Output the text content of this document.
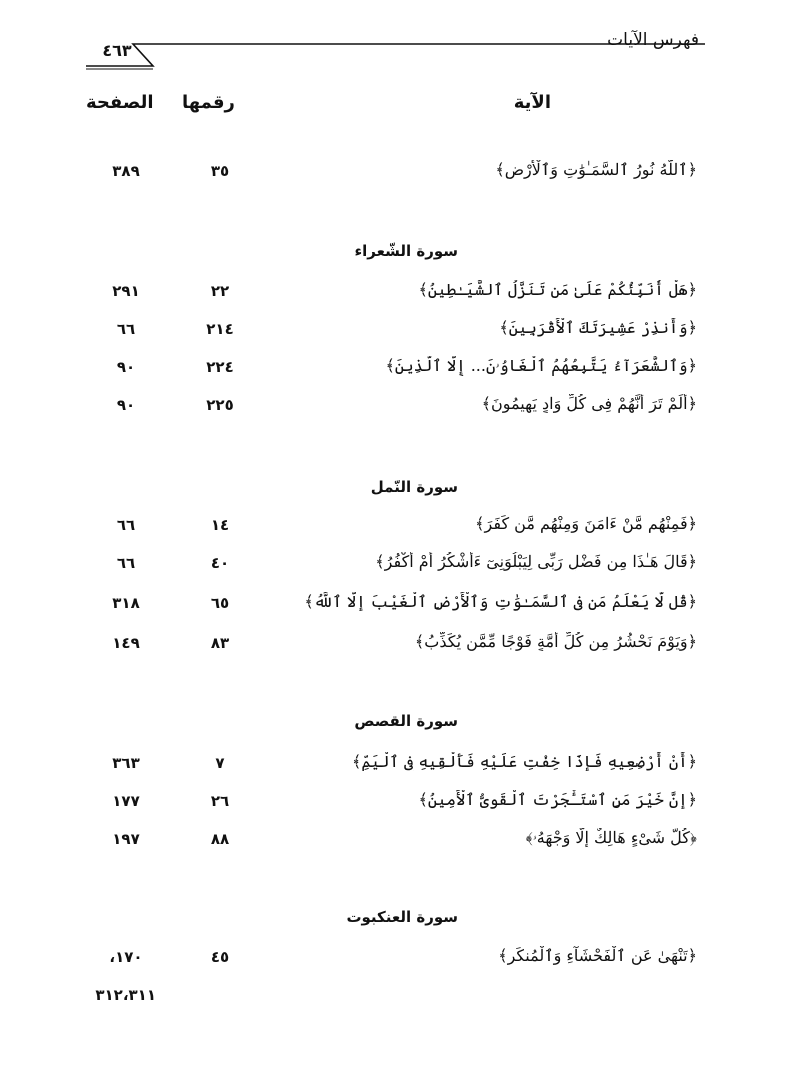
فهرس الآيات
٤٦٣
الآية
رقمها
الصفحة
﴿ٱللَّهُ نُورُ ٱلسَّمَـٰوَٰتِ وَٱلْأَرْضِ﴾
٣٥
٣٨٩
سورة الشّعراء
﴿هَلْ أُنَبِّئُكُمْ عَلَىٰ مَن تَنَزَّلُ ٱلشَّيَـٰطِينُ﴾
٢٢
٢٩١
﴿وَأَنذِرْ عَشِيرَتَكَ ٱلْأَقْرَبِينَ﴾
٢١٤
٦٦
﴿وَٱلشُّعَرَآءُ يَتَّبِعُهُمُ ٱلْغَاوُۥنَ... إِلَّا ٱلَّذِينَ﴾
٢٢٤
٩٠
﴿أَلَمْ تَرَ أَنَّهُمْ فِى كُلِّ وَادٍ يَهِيمُونَ﴾
٢٢٥
٩٠
سورة النّمل
﴿فَمِنْهُم مَّنْ ءَامَنَ وَمِنْهُم مَّن كَفَرَ﴾
١٤
٦٦
﴿قَالَ هَـٰذَا مِن فَضْلِ رَبِّى لِيَبْلُوَنِىٓ ءَأَشْكُرُ أَمْ أَكْفُرُ﴾
٤٠
٦٦
﴿قُل لَّا يَعْلَمُ مَن فِى ٱلسَّمَـٰوَٰتِ وَٱلْأَرْضِ ٱلْغَيْبَ إِلَّا ٱللَّهُ﴾
٦٥
٣١٨
﴿وَيَوْمَ نَحْشُرُ مِن كُلِّ أُمَّةٍ فَوْجًا مِّمَّن يُكَذِّبُ﴾
٨٣
١٤٩
سورة القصص
﴿أَنْ أَرْضِعِيهِ فَإِذَا خِفْتِ عَلَيْهِ فَأَلْقِيهِ فِى ٱلْيَمِّ﴾
٧
٣٦٣
﴿إِنَّ خَيْرَ مَنِ ٱسْتَـْٔجَرْتَ ٱلْقَوِىُّ ٱلْأَمِينُ﴾
٢٦
١٧٧
﴿كُلُّ شَىْءٍ هَالِكٌ إِلَّا وَجْهَهُۥ﴾
٨٨
١٩٧
سورة العنكبوت
﴿تَنْهَىٰ عَنِ ٱلْفَحْشَآءِ وَٱلْمُنكَرِ﴾
٤٥
١٧٠،
٣١٢،٣١١
